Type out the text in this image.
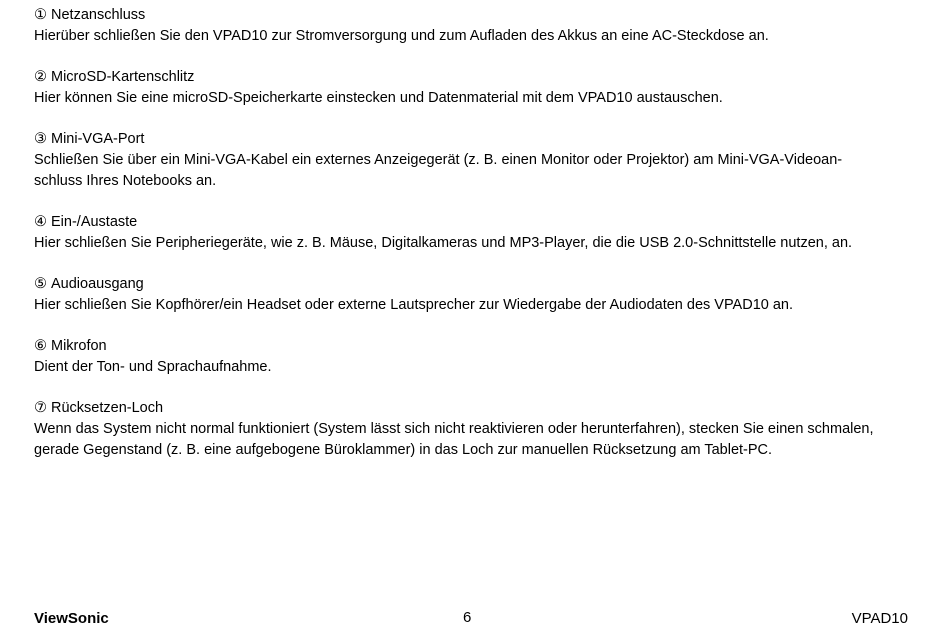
① Netzanschluss
Hierüber schließen Sie den VPAD10 zur Stromversorgung und zum Aufladen des Akkus an eine AC-Steckdose an.
② MicroSD-Kartenschlitz
Hier können Sie eine microSD-Speicherkarte einstecken und Datenmaterial mit dem VPAD10 austauschen.
③ Mini-VGA-Port
Schließen Sie über ein Mini-VGA-Kabel ein externes Anzeigegerät (z. B. einen Monitor oder Projektor) am Mini-VGA-Videoan-
schluss Ihres Notebooks an.
④ Ein-/Austaste
Hier schließen Sie Peripheriegeräte, wie z. B. Mäuse, Digitalkameras und MP3-Player, die die USB 2.0-Schnittstelle nutzen, an.
⑤ Audioausgang
Hier schließen Sie Kopfhörer/ein Headset oder externe Lautsprecher zur Wiedergabe der Audiodaten des VPAD10 an.
⑥ Mikrofon
Dient der Ton- und Sprachaufnahme.
⑦ Rücksetzen-Loch
Wenn das System nicht normal funktioniert (System lässt sich nicht reaktivieren oder herunterfahren), stecken Sie einen schmalen,
gerade Gegenstand (z. B. eine aufgebogene Büroklammer) in das Loch zur manuellen Rücksetzung am Tablet-PC.
ViewSonic	6	VPAD10
